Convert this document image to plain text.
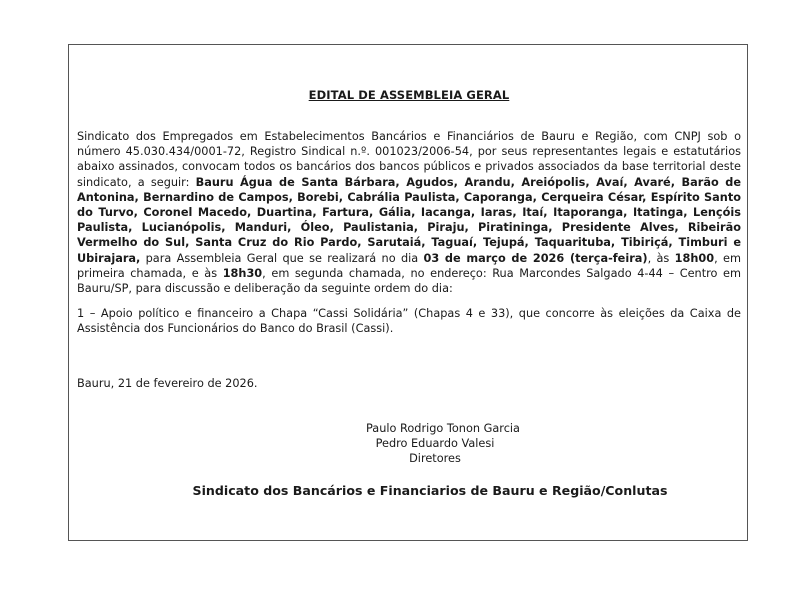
EDITAL DE ASSEMBLEIA GERAL
Sindicato dos Empregados em Estabelecimentos Bancários e Financiários de Bauru e Região, com CNPJ sob o número 45.030.434/0001-72, Registro Sindical n.º. 001023/2006-54, por seus representantes legais e estatutários abaixo assinados, convocam todos os bancários dos bancos públicos e privados associados da base territorial deste sindicato, a seguir: Bauru Água de Santa Bárbara, Agudos, Arandu, Areiópolis, Avaí, Avaré, Barão de Antonina, Bernardino de Campos, Borebi, Cabrália Paulista, Caporanga, Cerqueira César, Espírito Santo do Turvo, Coronel Macedo, Duartina, Fartura, Gália, Iacanga, Iaras, Itaí, Itaporanga, Itatinga, Lençóis Paulista, Lucianópolis, Manduri, Óleo, Paulistania, Piraju, Piratininga, Presidente Alves, Ribeirão Vermelho do Sul, Santa Cruz do Rio Pardo, Sarutaiá, Taguaí, Tejupá, Taquarituba, Tibiriçá, Timburi e Ubirajara, para Assembleia Geral que se realizará no dia 03 de março de 2026 (terça-feira), às 18h00, em primeira chamada, e às 18h30, em segunda chamada, no endereço: Rua Marcondes Salgado 4-44 – Centro em Bauru/SP, para discussão e deliberação da seguinte ordem do dia:
1 – Apoio político e financeiro a Chapa “Cassi Solidária” (Chapas 4 e 33), que concorre às eleições da Caixa de Assistência dos Funcionários do Banco do Brasil (Cassi).
Bauru, 21 de fevereiro de 2026.
Paulo Rodrigo Tonon Garcia
Pedro Eduardo Valesi
Diretores
Sindicato dos Bancários e Financiarios de Bauru e Região/Conlutas
